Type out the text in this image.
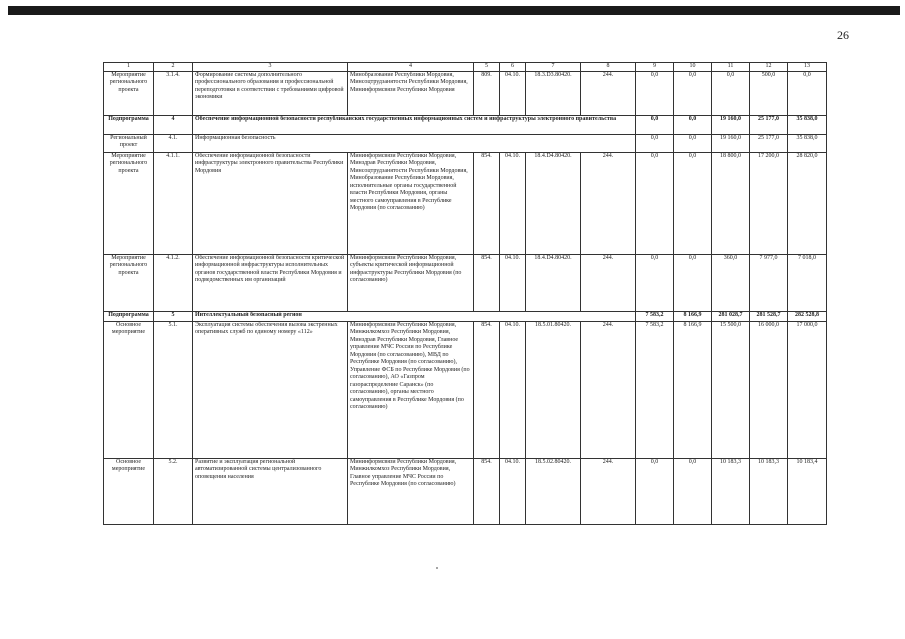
26
1	2	3	4	5	6	7	8	9	10	11	12	13
Мероприятие регионального проекта	3.1.4.	Формирование системы дополнительного профессионального образования и профессиональной переподготовки в соответствии с требованиями цифровой экономики	Минобразование Республики Мордовия, Минсоцтрудзанятости Республики Мордовия, Мининформсвязи Республики Мордовия	809.	04.10.	18.3.D3.80420.	244.	0,0	0,0	0,0	500,0	0,0
Подпрограмма	4	Обеспечение информационной безопасности республиканских государственных информационных систем и инфраструктуры электронного правительства						0,0	0,0	19 160,0	25 177,0	35 838,0
Региональный проект	4.1.	Информационная безопасность						0,0	0,0	19 160,0	25 177,0	35 838,0
Мероприятие регионального проекта	4.1.1.	Обеспечение информационной безопасности инфраструктуры электронного правительства Республики Мордовия	Мининформсвязи Республики Мордовия, Минздрав Республики Мордовия, Минсоцтрудзанятости Республики Мордовия, Минобразование Республики Мордовия, исполнительные органы государственной власти Республики Мордовия, органы местного самоуправления в Республике Мордовия (по согласованию)	854.	04.10.	18.4.D4.80420.	244.	0,0	0,0	18 800,0	17 200,0	28 820,0
Мероприятие регионального проекта	4.1.2.	Обеспечение информационной безопасности критической информационной инфраструктуры исполнительных органов государственной власти Республики Мордовия и подведомственных им организаций	Мининформсвязи Республики Мордовия, субъекты критической информационной инфраструктуры Республики Мордовия (по согласованию)	854.	04.10.	18.4.D4.80420.	244.	0,0	0,0	360,0	7 977,0	7 018,0
Подпрограмма	5	Интеллектуальный безопасный регион						7 583,2	8 166,9	281 028,7	281 528,7	282 528,8
Основное мероприятие	5.1.	Эксплуатация системы обеспечения вызова экстренных оперативных служб по единому номеру «112»	Мининформсвязи Республики Мордовия, Минжилкомхоз Республики Мордовия, Минздрав Республики Мордовия, Главное управление МЧС России по Республике Мордовия (по согласованию), МВД по Республике Мордовия (по согласованию), Управление ФСБ по Республике Мордовия (по согласованию), АО «Газпром газораспределение Саранск» (по согласованию), органы местного самоуправления в Республике Мордовия (по согласованию)	854.	04.10.	18.5.01.80420.	244.	7 583,2	8 166,9	15 500,0	16 000,0	17 000,0
Основное мероприятие	5.2.	Развитие и эксплуатация региональной автоматизированной системы централизованного оповещения населения	Мининформсвязи Республики Мордовия, Минжилкомхоз Республики Мордовия, Главное управление МЧС России по Республике Мордовия (по согласованию)	854.	04.10.	18.5.02.80420.	244.	0,0	0,0	10 183,3	10 183,3	10 183,4
